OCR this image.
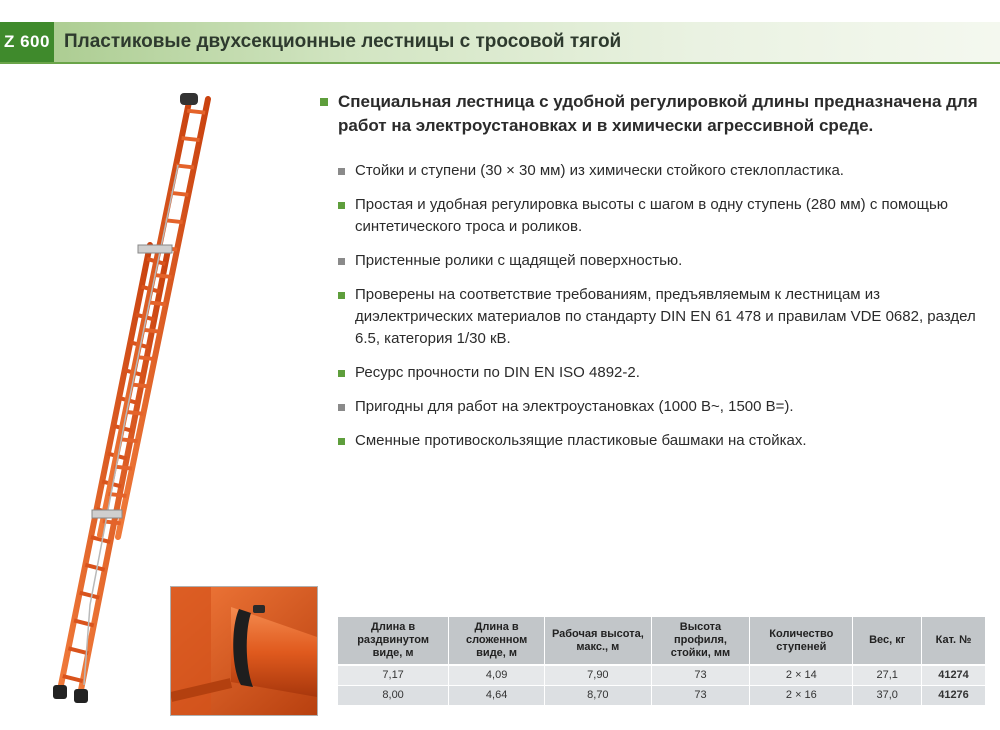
Z 600 Пластиковые двухсекционные лестницы с тросовой тягой
Специальная лестница с удобной регулировкой длины предназначена для работ на электроустановках и в химически агрессивной среде.
Стойки и ступени (30 × 30 мм) из химически стойкого стеклопластика.
Простая и удобная регулировка высоты с шагом в одну ступень (280 мм) с помощью синтетического троса и роликов.
Пристенные ролики с щадящей поверхностью.
Проверены на соответствие требованиям, предъявляемым к лестницам из диэлектрических материалов по стандарту DIN EN 61 478 и правилам VDE 0682, раздел 6.5, категория 1/30 кВ.
Ресурс прочности по DIN EN ISO 4892-2.
Пригодны для работ на электроустановках (1000 В~, 1500 В=).
Сменные противоскользящие пластиковые башмаки на стойках.
Длина в раздвинутом виде, м	Длина в сложенном виде, м	Рабочая высота, макс., м	Высота профиля, стойки, мм	Количество ступеней	Вес, кг	Кат. №
7,17	4,09	7,90	73	2 × 14	27,1	41274
8,00	4,64	8,70	73	2 × 16	37,0	41276
